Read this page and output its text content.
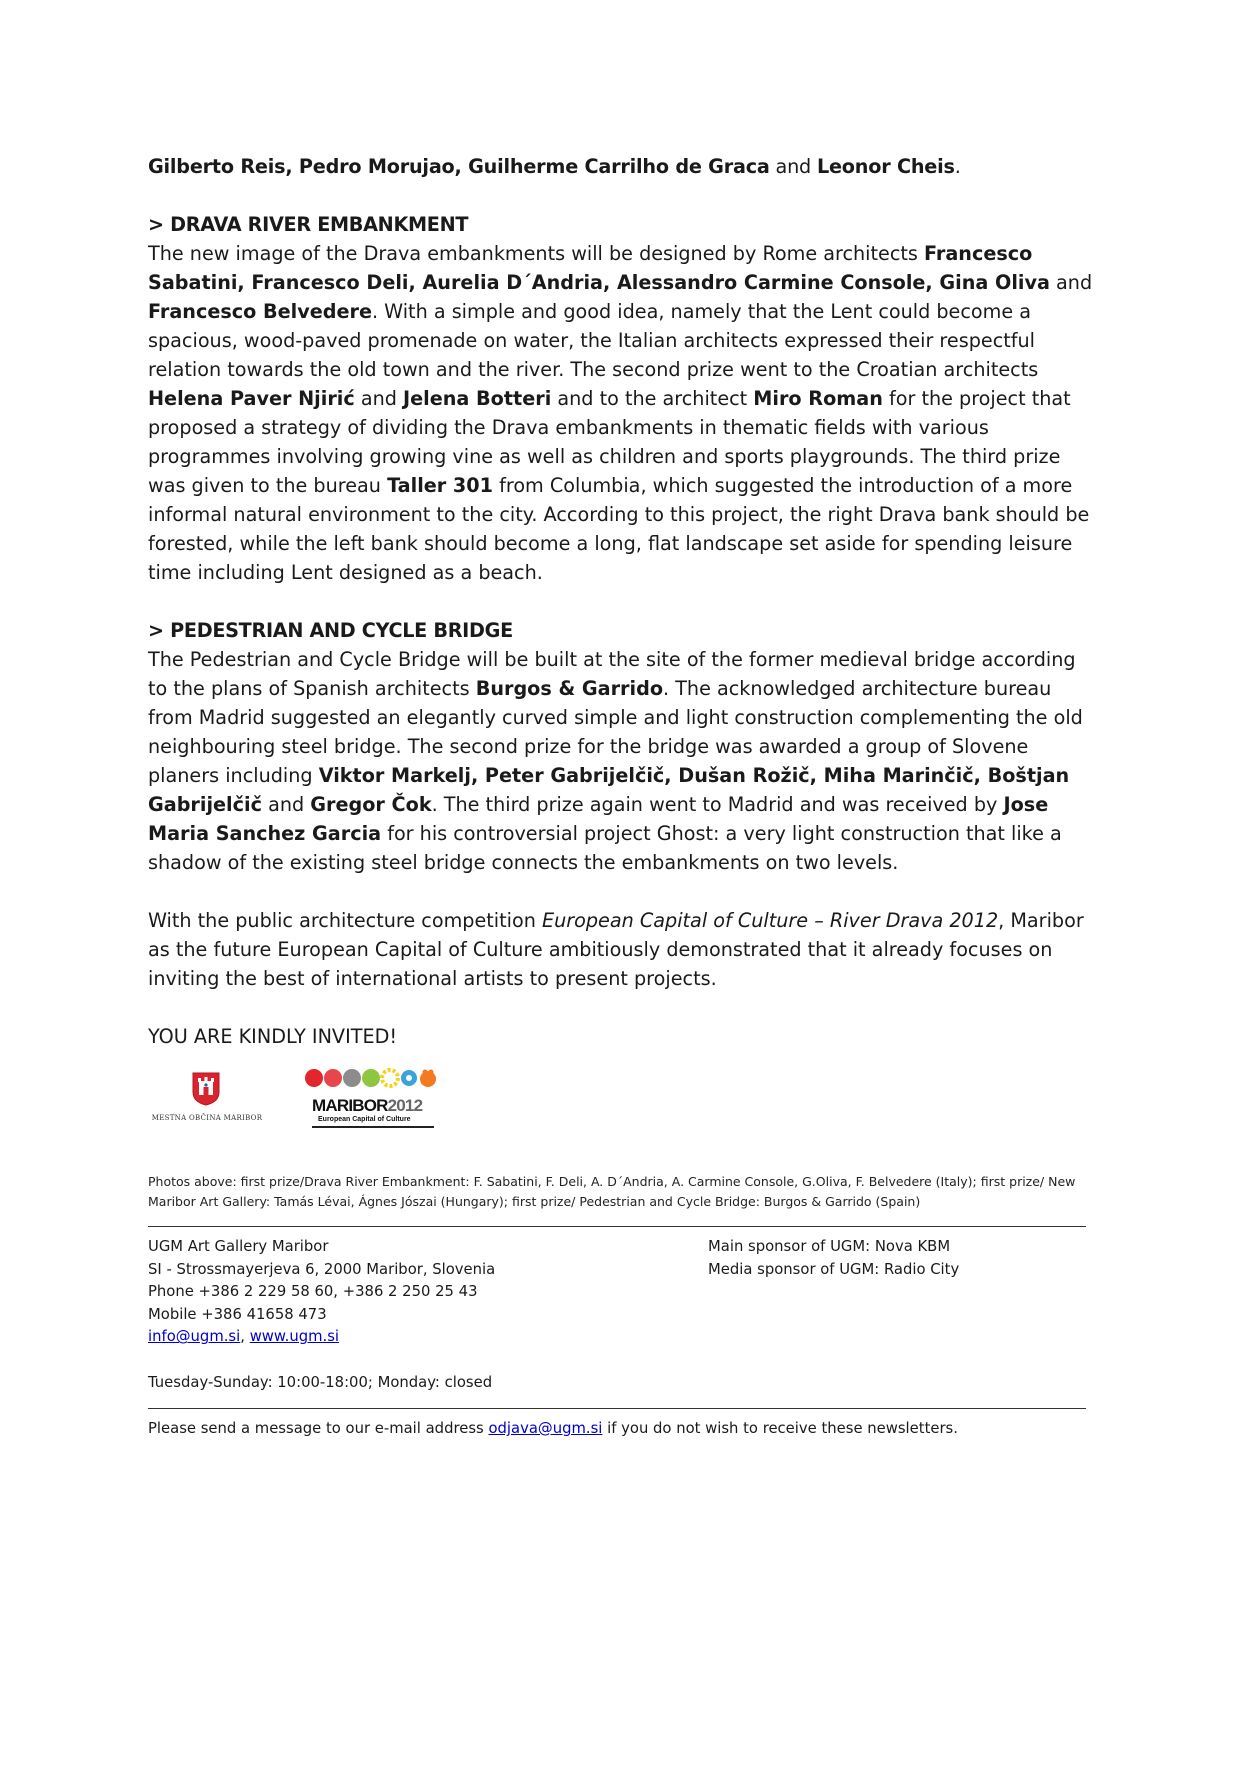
Gilberto Reis, Pedro Morujao, Guilherme Carrilho de Graca and Leonor Cheis.

> DRAVA RIVER EMBANKMENT

The new image of the Drava embankments will be designed by Rome architects Francesco Sabatini, Francesco Deli, Aurelia D´Andria, Alessandro Carmine Console, Gina Oliva and Francesco Belvedere. With a simple and good idea, namely that the Lent could become a spacious, wood-paved promenade on water, the Italian architects expressed their respectful relation towards the old town and the river. The second prize went to the Croatian architects Helena Paver Njirić and Jelena Botteri and to the architect Miro Roman for the project that proposed a strategy of dividing the Drava embankments in thematic fields with various programmes involving growing vine as well as children and sports playgrounds. The third prize was given to the bureau Taller 301 from Columbia, which suggested the introduction of a more informal natural environment to the city. According to this project, the right Drava bank should be forested, while the left bank should become a long, flat landscape set aside for spending leisure time including Lent designed as a beach.

> PEDESTRIAN AND CYCLE BRIDGE

The Pedestrian and Cycle Bridge will be built at the site of the former medieval bridge according to the plans of Spanish architects Burgos & Garrido. The acknowledged architecture bureau from Madrid suggested an elegantly curved simple and light construction complementing the old neighbouring steel bridge. The second prize for the bridge was awarded a group of Slovene planers including Viktor Markelj, Peter Gabrijelčič, Dušan Rožič, Miha Marinčič, Boštjan Gabrijelčič and Gregor Čok. The third prize again went to Madrid and was received by Jose Maria Sanchez Garcia for his controversial project Ghost: a very light construction that like a shadow of the existing steel bridge connects the embankments on two levels.

With the public architecture competition European Capital of Culture – River Drava 2012, Maribor as the future European Capital of Culture ambitiously demonstrated that it already focuses on inviting the best of international artists to present projects.

YOU ARE KINDLY INVITED!

MESTNA OBČINA MARIBOR
MARIBOR2012
European Capital of Culture
Photos above: first prize/Drava River Embankment: F. Sabatini, F. Deli, A. D´Andria, A. Carmine Console, G.Oliva, F. Belvedere (Italy); first prize/ New Maribor Art Gallery: Tamás Lévai, Ágnes Jószai (Hungary); first prize/ Pedestrian and Cycle Bridge: Burgos & Garrido (Spain)
UGM Art Gallery Maribor
SI - Strossmayerjeva 6, 2000 Maribor, Slovenia
Phone +386 2 229 58 60, +386 2 250 25 43
Mobile +386 41658 473
info@ugm.si, www.ugm.si
Main sponsor of UGM: Nova KBM
Media sponsor of UGM: Radio City
Tuesday-Sunday: 10:00-18:00; Monday: closed
Please send a message to our e-mail address odjava@ugm.si if you do not wish to receive these newsletters.
